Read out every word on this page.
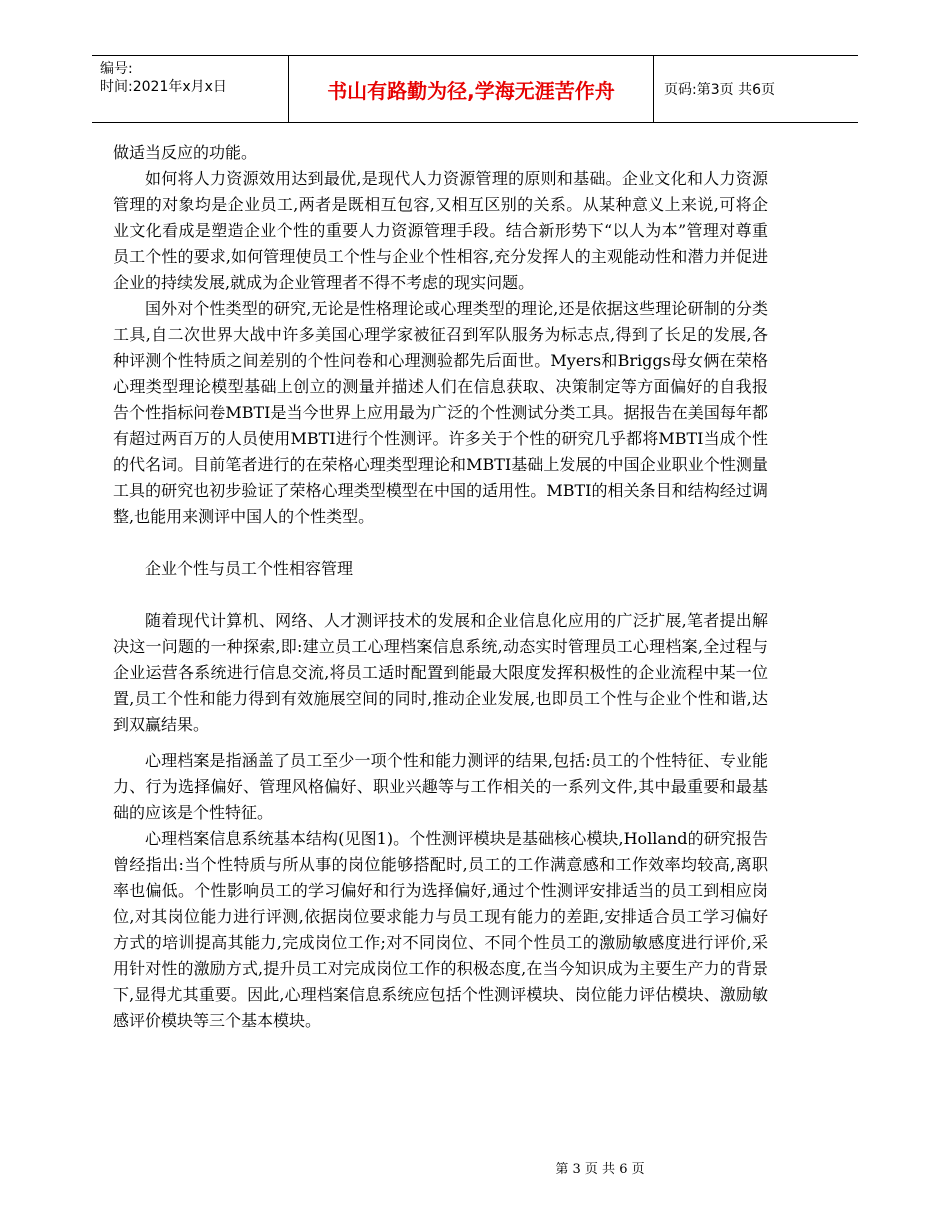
编号:
时间:2021年x月x日	书山有路勤为径,学海无涯苦作舟	页码:第3页 共6页

做适当反应的功能。

如何将人力资源效用达到最优,是现代人力资源管理的原则和基础。企业文化和人力资源管理的对象均是企业员工,两者是既相互包容,又相互区别的关系。从某种意义上来说,可将企业文化看成是塑造企业个性的重要人力资源管理手段。结合新形势下“以人为本”管理对尊重员工个性的要求,如何管理使员工个性与企业个性相容,充分发挥人的主观能动性和潜力并促进企业的持续发展,就成为企业管理者不得不考虑的现实问题。

国外对个性类型的研究,无论是性格理论或心理类型的理论,还是依据这些理论研制的分类工具,自二次世界大战中许多美国心理学家被征召到军队服务为标志点,得到了长足的发展,各种评测个性特质之间差别的个性问卷和心理测验都先后面世。Myers和Briggs母女俩在荣格心理类型理论模型基础上创立的测量并描述人们在信息获取、决策制定等方面偏好的自我报告个性指标问卷MBTI是当今世界上应用最为广泛的个性测试分类工具。据报告在美国每年都有超过两百万的人员使用MBTI进行个性测评。许多关于个性的研究几乎都将MBTI当成个性的代名词。目前笔者进行的在荣格心理类型理论和MBTI基础上发展的中国企业职业个性测量工具的研究也初步验证了荣格心理类型模型在中国的适用性。MBTI的相关条目和结构经过调整,也能用来测评中国人的个性类型。

企业个性与员工个性相容管理

随着现代计算机、网络、人才测评技术的发展和企业信息化应用的广泛扩展,笔者提出解决这一问题的一种探索,即:建立员工心理档案信息系统,动态实时管理员工心理档案,全过程与企业运营各系统进行信息交流,将员工适时配置到能最大限度发挥积极性的企业流程中某一位置,员工个性和能力得到有效施展空间的同时,推动企业发展,也即员工个性与企业个性和谐,达到双赢结果。

心理档案是指涵盖了员工至少一项个性和能力测评的结果,包括:员工的个性特征、专业能力、行为选择偏好、管理风格偏好、职业兴趣等与工作相关的一系列文件,其中最重要和最基础的应该是个性特征。

心理档案信息系统基本结构(见图1)。个性测评模块是基础核心模块,Holland的研究报告曾经指出:当个性特质与所从事的岗位能够搭配时,员工的工作满意感和工作效率均较高,离职率也偏低。个性影响员工的学习偏好和行为选择偏好,通过个性测评安排适当的员工到相应岗位,对其岗位能力进行评测,依据岗位要求能力与员工现有能力的差距,安排适合员工学习偏好方式的培训提高其能力,完成岗位工作;对不同岗位、不同个性员工的激励敏感度进行评价,采用针对性的激励方式,提升员工对完成岗位工作的积极态度,在当今知识成为主要生产力的背景下,显得尤其重要。因此,心理档案信息系统应包括个性测评模块、岗位能力评估模块、激励敏感评价模块等三个基本模块。

第 3 页 共 6 页
